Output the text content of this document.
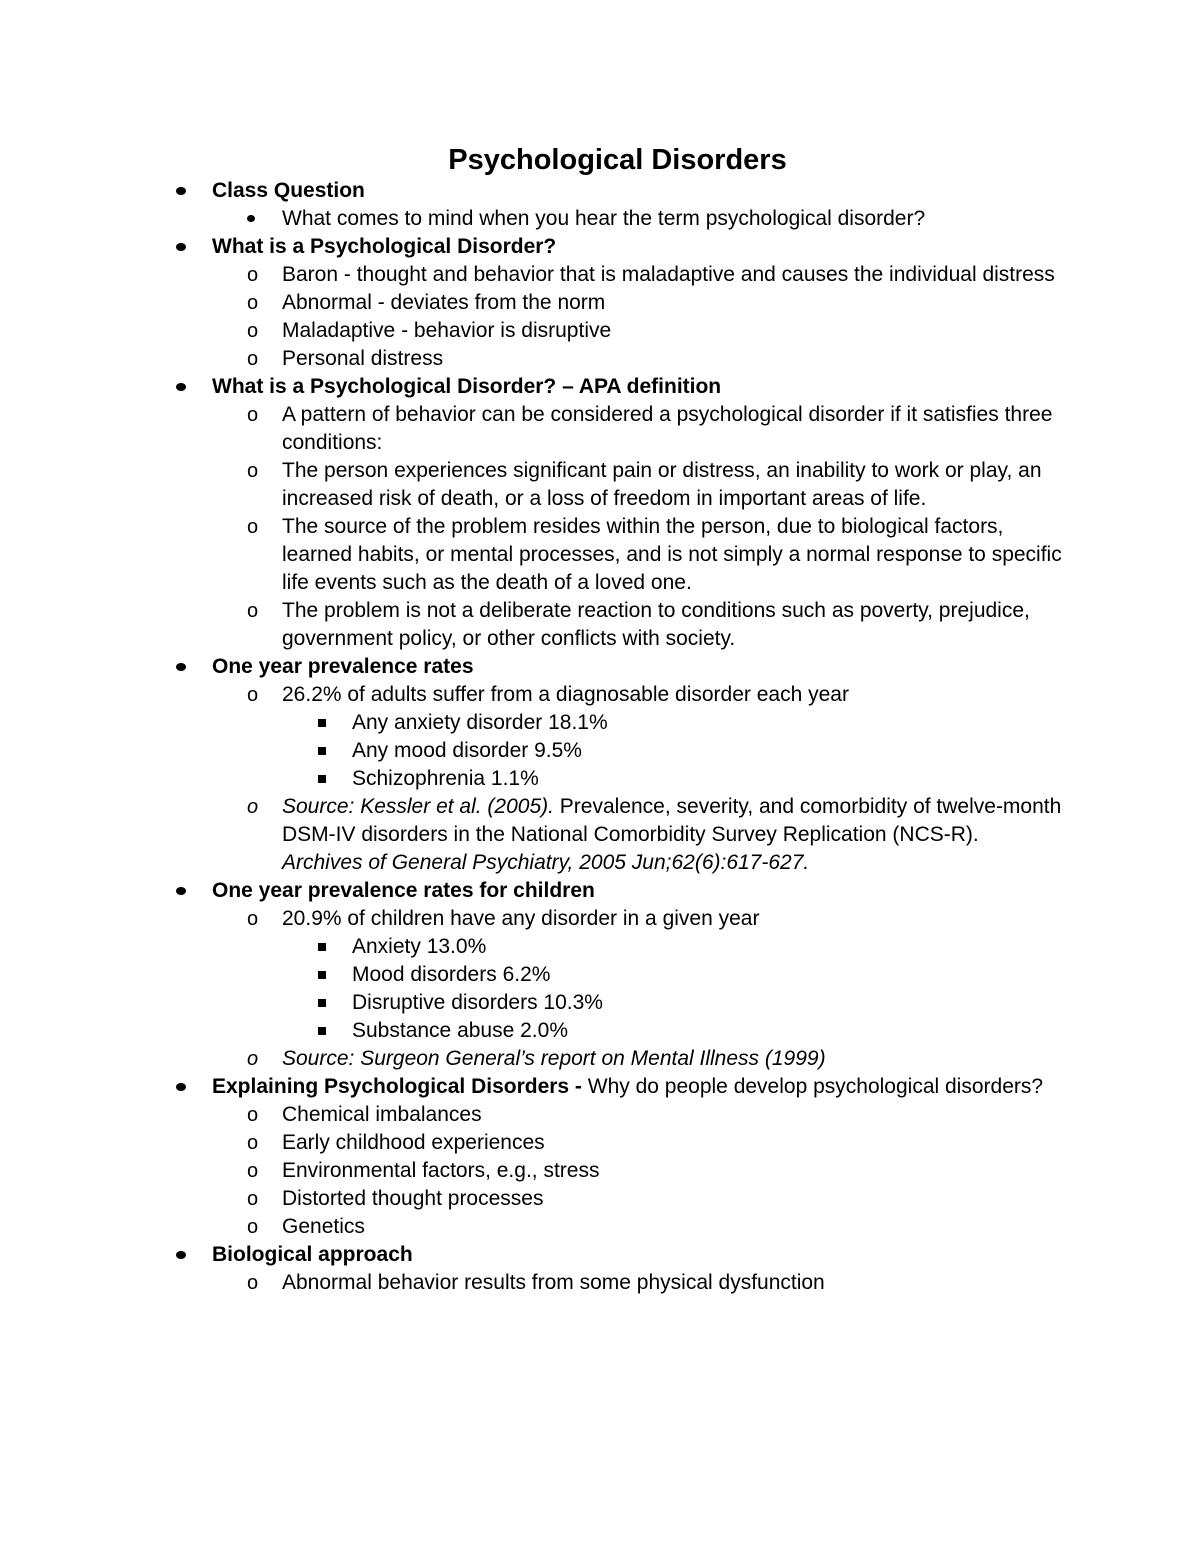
Psychological Disorders
Class Question
What comes to mind when you hear the term psychological disorder?
What is a Psychological Disorder?
o Baron - thought and behavior that is maladaptive and causes the individual distress
o Abnormal - deviates from the norm
o Maladaptive - behavior is disruptive
o Personal distress
What is a Psychological Disorder? – APA definition
o A pattern of behavior can be considered a psychological disorder if it satisfies three conditions:
o The person experiences significant pain or distress, an inability to work or play, an increased risk of death, or a loss of freedom in important areas of life.
o The source of the problem resides within the person, due to biological factors, learned habits, or mental processes, and is not simply a normal response to specific life events such as the death of a loved one.
o The problem is not a deliberate reaction to conditions such as poverty, prejudice, government policy, or other conflicts with society.
One year prevalence rates
o 26.2% of adults suffer from a diagnosable disorder each year
Any anxiety disorder 18.1%
Any mood disorder 9.5%
Schizophrenia 1.1%
o Source: Kessler et al. (2005). Prevalence, severity, and comorbidity of twelve-month DSM-IV disorders in the National Comorbidity Survey Replication (NCS-R). Archives of General Psychiatry, 2005 Jun;62(6):617-627.
One year prevalence rates for children
o 20.9% of children have any disorder in a given year
Anxiety 13.0%
Mood disorders 6.2%
Disruptive disorders 10.3%
Substance abuse 2.0%
o Source: Surgeon General’s report on Mental Illness (1999)
Explaining Psychological Disorders - Why do people develop psychological disorders?
o Chemical imbalances
o Early childhood experiences
o Environmental factors, e.g., stress
o Distorted thought processes
o Genetics
Biological approach
o Abnormal behavior results from some physical dysfunction
